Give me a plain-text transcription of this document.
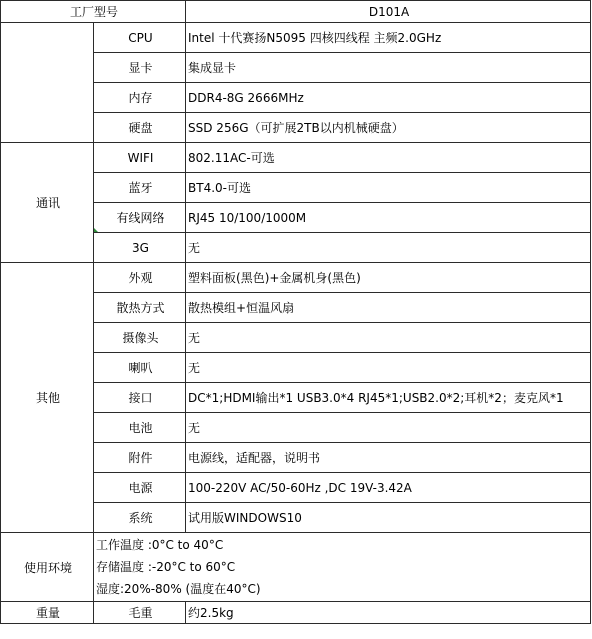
工厂型号		D101A
	CPU	Intel 十代赛扬N5095 四核四线程 主频2.0GHz
	显卡	集成显卡
	内存	DDR4-8G 2666MHz
	硬盘	SSD 256G（可扩展2TB以内机械硬盘）
通讯	WIFI	802.11AC-可选
	蓝牙	BT4.0-可选
	有线网络	RJ45 10/100/1000M
	3G	无
其他	外观	塑料面板(黑色)+金属机身(黑色)
	散热方式	散热模组+恒温风扇
	摄像头	无
	喇叭	无
	接口	DC*1;HDMI输出*1 USB3.0*4 RJ45*1;USB2.0*2;耳机*2；麦克风*1
	电池	无
	附件	电源线，适配器，说明书
	电源	100-220V AC/50-60Hz ,DC 19V-3.42A
	系统	试用版WINDOWS10
使用环境	工作温度 :0°C to 40°C
存储温度 :-20°C to 60°C
湿度:20%-80% (温度在40°C)	

重量	毛重	约2.5kg
